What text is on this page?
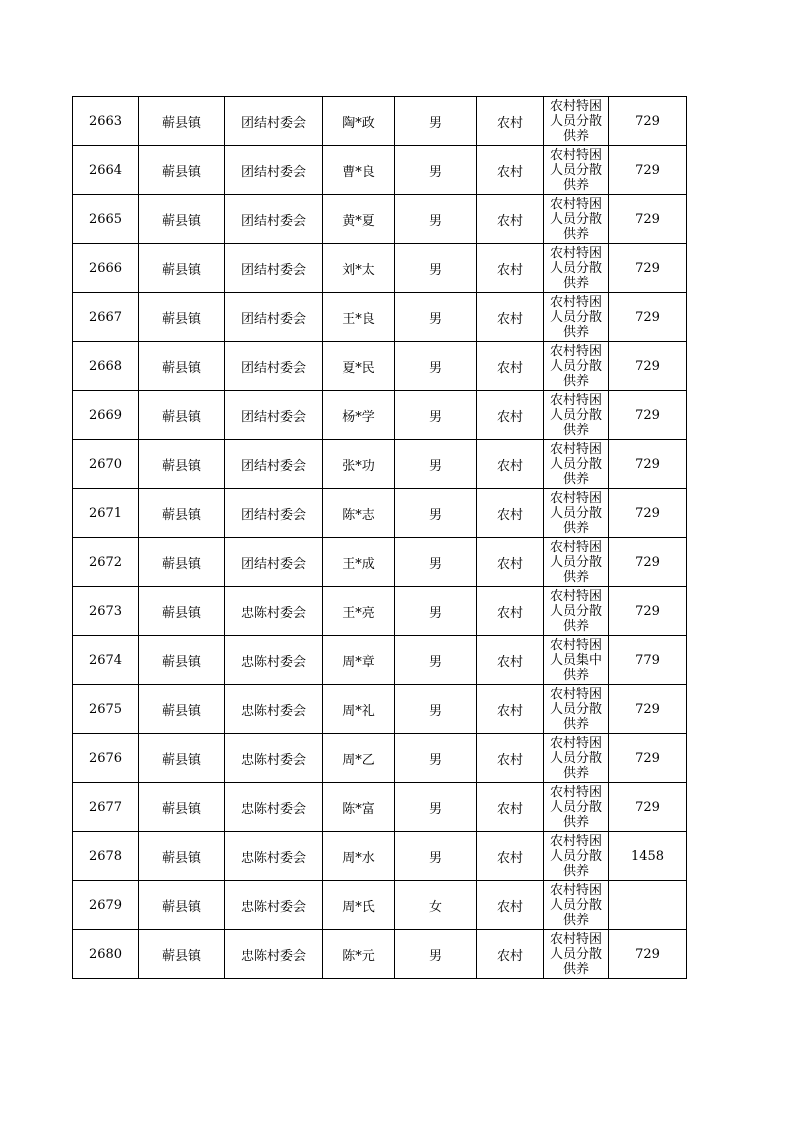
2663	蕲县镇	团结村委会	陶*政	男	农村	农村特困人员分散供养	729
2664	蕲县镇	团结村委会	曹*良	男	农村	农村特困人员分散供养	729
2665	蕲县镇	团结村委会	黄*夏	男	农村	农村特困人员分散供养	729
2666	蕲县镇	团结村委会	刘*太	男	农村	农村特困人员分散供养	729
2667	蕲县镇	团结村委会	王*良	男	农村	农村特困人员分散供养	729
2668	蕲县镇	团结村委会	夏*民	男	农村	农村特困人员分散供养	729
2669	蕲县镇	团结村委会	杨*学	男	农村	农村特困人员分散供养	729
2670	蕲县镇	团结村委会	张*功	男	农村	农村特困人员分散供养	729
2671	蕲县镇	团结村委会	陈*志	男	农村	农村特困人员分散供养	729
2672	蕲县镇	团结村委会	王*成	男	农村	农村特困人员分散供养	729
2673	蕲县镇	忠陈村委会	王*亮	男	农村	农村特困人员分散供养	729
2674	蕲县镇	忠陈村委会	周*章	男	农村	农村特困人员集中供养	779
2675	蕲县镇	忠陈村委会	周*礼	男	农村	农村特困人员分散供养	729
2676	蕲县镇	忠陈村委会	周*乙	男	农村	农村特困人员分散供养	729
2677	蕲县镇	忠陈村委会	陈*富	男	农村	农村特困人员分散供养	729
2678	蕲县镇	忠陈村委会	周*水	男	农村	农村特困人员分散供养	1458
2679	蕲县镇	忠陈村委会	周*氏	女	农村	农村特困人员分散供养	

2680	蕲县镇	忠陈村委会	陈*元	男	农村	农村特困人员分散供养	729
